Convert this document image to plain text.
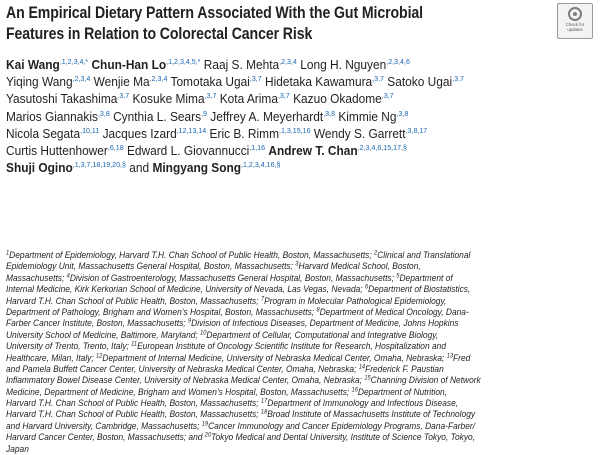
An Empirical Dietary Pattern Associated With the Gut Microbial
Features in Relation to Colorectal Cancer Risk
Kai Wang$^{,1,2,3,4,*}$ Chun-Han $Lo^{,1,2,3,4,5,*}$ Raaj S. Mehta$^{,2,3,4}$ Long H. Nguyen$^{,2,3,4,6}$
Yiqing Wang$^{,2,3,4}$ Wenjie $Ma^{,2,3,4}$ Tomotaka Ugai$^{,3,7}$ Hidetaka Kawamura$^{,3,7}$ Satoko Ugai$^{,3,7}$
Yasutoshi Takashima$^{,3,7}$ Kosuke Mima$^{,3,7}$ Kota Arima$^{,3,7}$ Kazuo Okadome$^{,3,7}$
Marios Giannakis$^{,3,8}$ Cynthia L. Sears$^{,9}$ Jeffrey A. Meyerhardt$^{,3,8}$ Kimmie $Ng^{,3,8}$
Nicola Segata$^{,10,11}$ Jacques Izard$^{,12,13,14}$ Eric B. Rimm$^{,1,3,15,16}$ Wendy S. Garrett$^{,3,8,17}$
Curtis Huttenhower$^{,6,18}$ Edward L. Giovannucci$^{,1,16}$ Andrew T. Chan$^{,2,3,4,6,15,17,\S}$
Shuji Ogino$^{,1,3,7,18,19,20,\S}$ and Mingyang Song$^{,1,2,3,4,16,\S}$
$^1$Department of Epidemiology, Harvard T.H. Chan School of Public Health, Boston, Massachusetts; $^2$Clinical and Translational
Epidemiology Unit, Massachusetts General Hospital, Boston, Massachusetts; $^3$Harvard Medical School, Boston,
Massachusetts; $^4$Division of Gastroenterology, Massachusetts General Hospital, Boston, Massachusetts; $^5$Department of
Internal Medicine, Kirk Kerkorian School of Medicine, University of Nevada, Las Vegas, Nevada; $^6$Department of Biostatistics,
Harvard T.H. Chan School of Public Health, Boston, Massachusetts; $^7$Program in Molecular Pathological Epidemiology,
Department of Pathology, Brigham and Women’s Hospital, Boston, Massachusetts; $^8$Department of Medical Oncology, Dana-
Farber Cancer Institute, Boston, Massachusetts; $^9$Division of Infectious Diseases, Department of Medicine, Johns Hopkins
University School of Medicine, Baltimore, Maryland; $^{10}$Department of Cellular, Computational and Integrative Biology,
University of Trento, Trento, Italy; $^{11}$European Institute of Oncology Scientific Institute for Research, Hospitalization and
Healthcare, Milan, Italy; $^{12}$Department of Internal Medicine, University of Nebraska Medical Center, Omaha, Nebraska; $^{13}$Fred
and Pamela Buffett Cancer Center, University of Nebraska Medical Center, Omaha, Nebraska; $^{14}$Frederick F. Paustian
Inflammatory Bowel Disease Center, University of Nebraska Medical Center, Omaha, Nebraska; $^{15}$Channing Division of Network
Medicine, Department of Medicine, Brigham and Women’s Hospital, Boston, Massachusetts; $^{16}$Department of Nutrition,
Harvard T.H. Chan School of Public Health, Boston, Massachusetts; $^{17}$Department of Immunology and Infectious Disease,
Harvard T.H. Chan School of Public Health, Boston, Massachusetts; $^{18}$Broad Institute of Massachusetts Institute of Technology
and Harvard University, Cambridge, Massachusetts; $^{19}$Cancer Immunology and Cancer Epidemiology Programs, Dana-Farber/
Harvard Cancer Center, Boston, Massachusetts; and $^{20}$Tokyo Medical and Dental University, Institute of Science Tokyo, Tokyo,
Japan
Check for
updates
